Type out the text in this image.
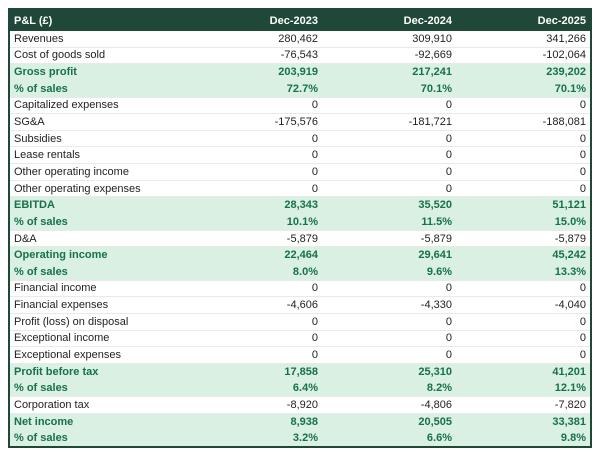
P&L (£)	Dec-2023	Dec-2024	Dec-2025
Revenues	280,462	309,910	341,266
Cost of goods sold	-76,543	-92,669	-102,064
Gross profit	203,919	217,241	239,202
% of sales	72.7%	70.1%	70.1%
Capitalized expenses	0	0	0
SG&A	-175,576	-181,721	-188,081
Subsidies	0	0	0
Lease rentals	0	0	0
Other operating income	0	0	0
Other operating expenses	0	0	0
EBITDA	28,343	35,520	51,121
% of sales	10.1%	11.5%	15.0%
D&A	-5,879	-5,879	-5,879
Operating income	22,464	29,641	45,242
% of sales	8.0%	9.6%	13.3%
Financial income	0	0	0
Financial expenses	-4,606	-4,330	-4,040
Profit (loss) on disposal	0	0	0
Exceptional income	0	0	0
Exceptional expenses	0	0	0
Profit before tax	17,858	25,310	41,201
% of sales	6.4%	8.2%	12.1%
Corporation tax	-8,920	-4,806	-7,820
Net income	8,938	20,505	33,381
% of sales	3.2%	6.6%	9.8%
